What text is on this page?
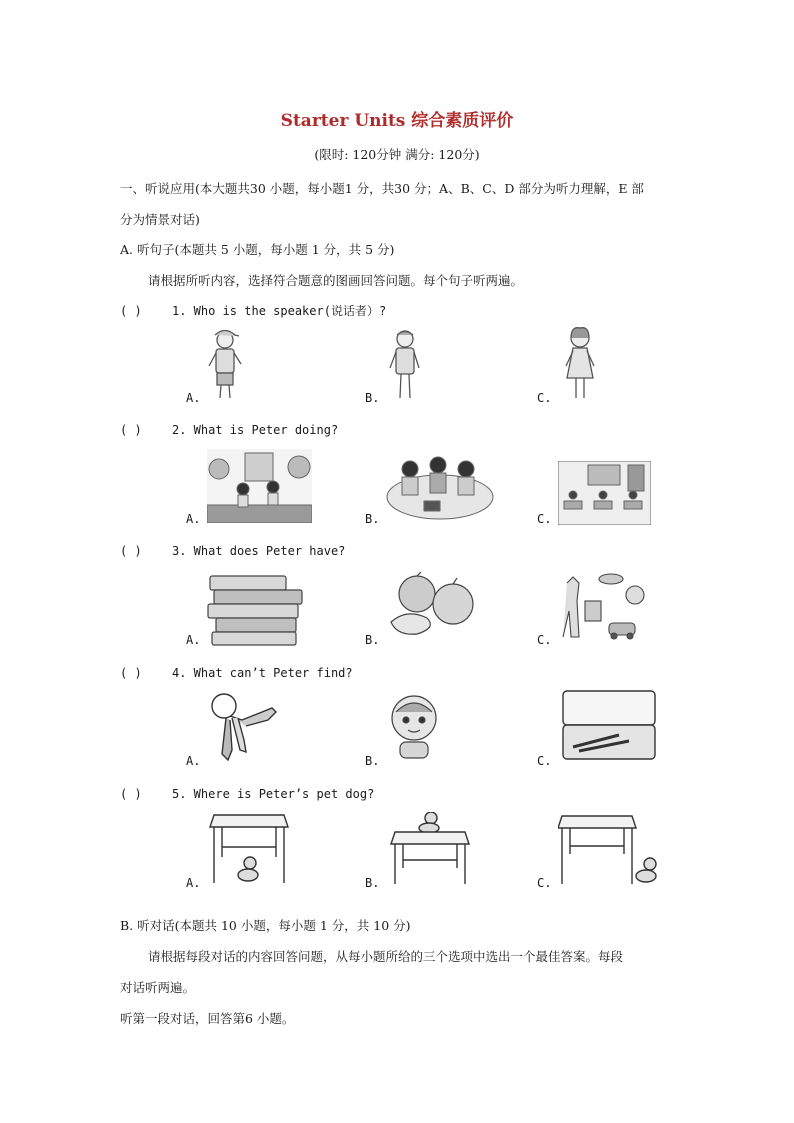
Starter Units 综合素质评价
(限时: 120分钟 满分: 120分)
一、听说应用(本大题共30 小题，每小题1 分，共30 分；A、B、C、D 部分为听力理解，E 部
分为情景对话)
A. 听句子(本题共 5 小题，每小题 1 分，共 5 分)
请根据所听内容，选择符合题意的图画回答问题。每个句子听两遍。
( )	1. Who is the speaker(说话者）?
A.	B.	C.
( )	2. What is Peter doing?
A.	B.	C.
( )	3. What does Peter have?
A.	B.	C.
( )	4. What can’t Peter find?
A.	B.	C.
( )	5. Where is Peter’s pet dog?
A.	B.	C.
B. 听对话(本题共 10 小题，每小题 1 分，共 10 分)
请根据每段对话的内容回答问题，从每小题所给的三个选项中选出一个最佳答案。每段
对话听两遍。
听第一段对话，回答第6 小题。
